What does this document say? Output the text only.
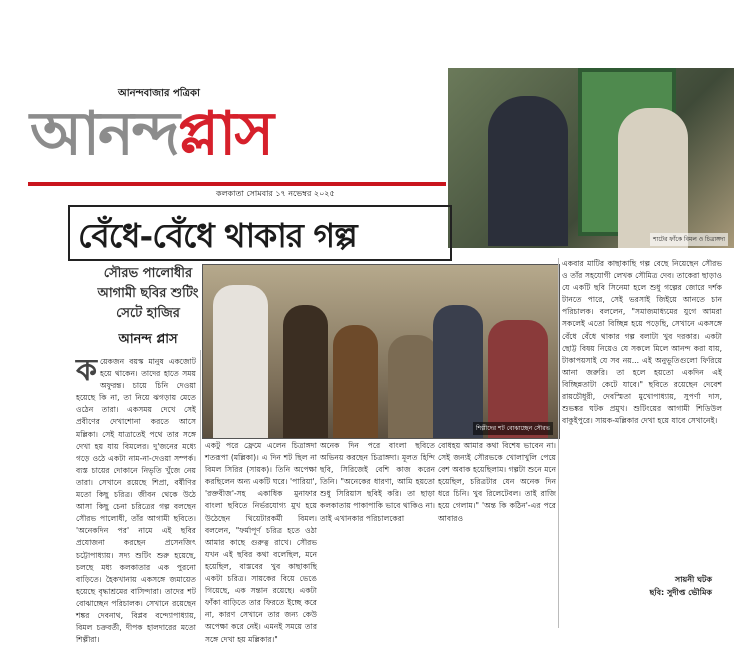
আনন্দবাজার পত্রিকা
আনন্দপ্লাস
কলকাতা সোমবার ১৭ নভেম্বর ২০২৫
শাটের ফাঁকে বিমল ও চিত্রাঙ্গদা
বেঁধে-বেঁধে থাকার গল্প
সৌরভ পালোধীর আগামী ছবির শুটিং সেটে হাজির
আনন্দ প্লাস
শিল্পীদের শট বোঝাচ্ছেন সৌরভ
কয়েকজন বয়স্ক মানুষ একজোট হয়ে থাকেন। তাদের হাতে সময় অফুরন্ত। চায়ে চিনি দেওয়া হয়েছে কি না, তা নিয়ে ঝগড়ায় মেতে ওঠেন তারা। একসময় দেখে সেই প্রবীণের দেখাশোনা করতে আসে মল্লিকা। সেই যাত্রাতেই পথে তার সঙ্গে দেখা হয় যায় বিমলের। দু'জনের মধ্যে গড়ে ওঠে একটা নাম-না-দেওয়া সম্পর্ক। ব্যস্ত চায়ের দোকানে নিভৃতি খুঁজে নেয় তারা। সেখানে রয়েছে শিপ্রা, বর্ষীণির মতো কিছু চরিত্র। জীবন থেকে উঠে আসা কিছু চেনা চরিত্রের গল্প বলছেন সৌরভ পালোধী, তাঁর আগামী ছবিতে। 'অনেকদিন পর' নামে এই ছবির প্রযোজনা করছেন প্রসেনজিৎ চট্টোপাধ্যায়। সদ্য শুটিং শুরু হয়েছে, চলছে মধ্য কলকাতার এক পুরনো বাড়িতে। হৈকখানায় একসঙ্গে জমায়েত হয়েছে বৃদ্ধাশ্রমের বাসিন্দারা। তাদের শট বোঝাচ্ছেন পরিচালক। সেখানে রয়েছেন শঙ্কর দেবনাথ, বিপ্লব বন্দ্যোপাধ্যায়, বিমল চক্রবর্তী, দীপক হালদারের মতো শিল্পীরা।
একটু পরে ফ্রেমে এলেন চিত্রাঙ্গদা শতরূপা (মল্লিকা)। এ দিন শট ছিল না বিমল সিরির (সায়ক)। তিনি অপেক্ষা করছিলেন অন্য একটি ঘরে। 'পারিয়া', 'রক্তবীজ'-সহ একাধিক মুনাফার বাংলা ছবিতে নির্ভরযোগ্য মুখ হয়ে উঠেছেন থিয়েটারকর্মী বিমল। বললেন, "ফর্মাপূর্ণ চরিত্র হতে ওঠা আমার কাছে গুরুত্ব রাখে। সৌরভ যখন এই ছবির কথা বলেছিল, মনে হয়েছিল, বাস্তবের খুব কাছাকাছি একটা চরিত্র। সায়কের বিয়ে ভেঙে গিয়েছে, এক সন্তান রয়েছে। একটা ফাঁকা বাড়িতে তার ফিরতে ইচ্ছে করে না, কারণ সেখানে তার জন্য কেউ অপেক্ষা করে নেই। এমনই সময়ে তার সঙ্গে দেখা হয় মল্লিকার।"
অনেক দিন পরে বাংলা ছবিতে অভিনয় করছেন চিত্রাঙ্গদা। মূলত হিন্দি ছবি, সিরিজেই বেশি কাজ করেন তিনি। "অনেকের ধারণা, আমি হয়তো শুধু সিরিয়াস ছবিই করি। তা ছাড়া কলকাতায় পাকাপাকি ভাবে থাকিও না। তাই এখানকার পরিচালকেরা
বোধহয় আমার কথা বিশেষ ভাবেন না। সেই জন্যই সৌরভকে খোলাখুলি পেয়ে বেশ অবাক হয়েছিলাম। গল্পটা শুনে মনে হয়েছিল, চরিত্রটার যেন অনেক দিন ধরে চিনি। খুব রিলেটেবল। তাই রাজি হয়ে গেলাম।" 'অন্ত কি কঠিন'-এর পরে আবারও
একবার মাটির কাছাকাছি গল্প বেছে নিয়েছেন সৌরভ ও তাঁর সহযোগী লেখক সৌমিত্র দেব। তাকেরা ছাড়াও যে একটি ছবি সিনেমা হলে শুধু গল্পের জোরে দর্শক টানতে পারে, সেই ভরসাই জিইয়ে আনতে চান পরিচালক। বললেন, "সমাজমাধ্যমের যুগে আমরা সকলেই এতো বিচ্ছিন্ন হয়ে পড়েছি, সেখানে একসঙ্গে বেঁধে বেঁধে থাকার গল্প বলাটা খুব দরকার। একটা ছোট্ট বিষয় নিয়েও যে সকলে মিলে আনন্দ করা যায়, টাকাপয়সাই যে সব নয়... এই অনুভূতিগুলো ফিরিয়ে আনা জরুরি। তা হলে হয়তো একদিন এই বিচ্ছিন্নতাটা কেটে যাবে।" ছবিতে রয়েছেন দেবেশ রায়চৌধুরী, দেবস্মিতা মুখোপাধ্যায়, সুপর্ণা দাস, শুভঙ্কর ঘটক প্রমুখ। শুটিংয়ের আগামী শিডিউল বাকুইপুরে। সায়ক-মল্লিকার দেখা হয়ে যাবে সেখানেই।
সায়নী ঘটক
ছবি: সুদীপ্ত ভৌমিক
